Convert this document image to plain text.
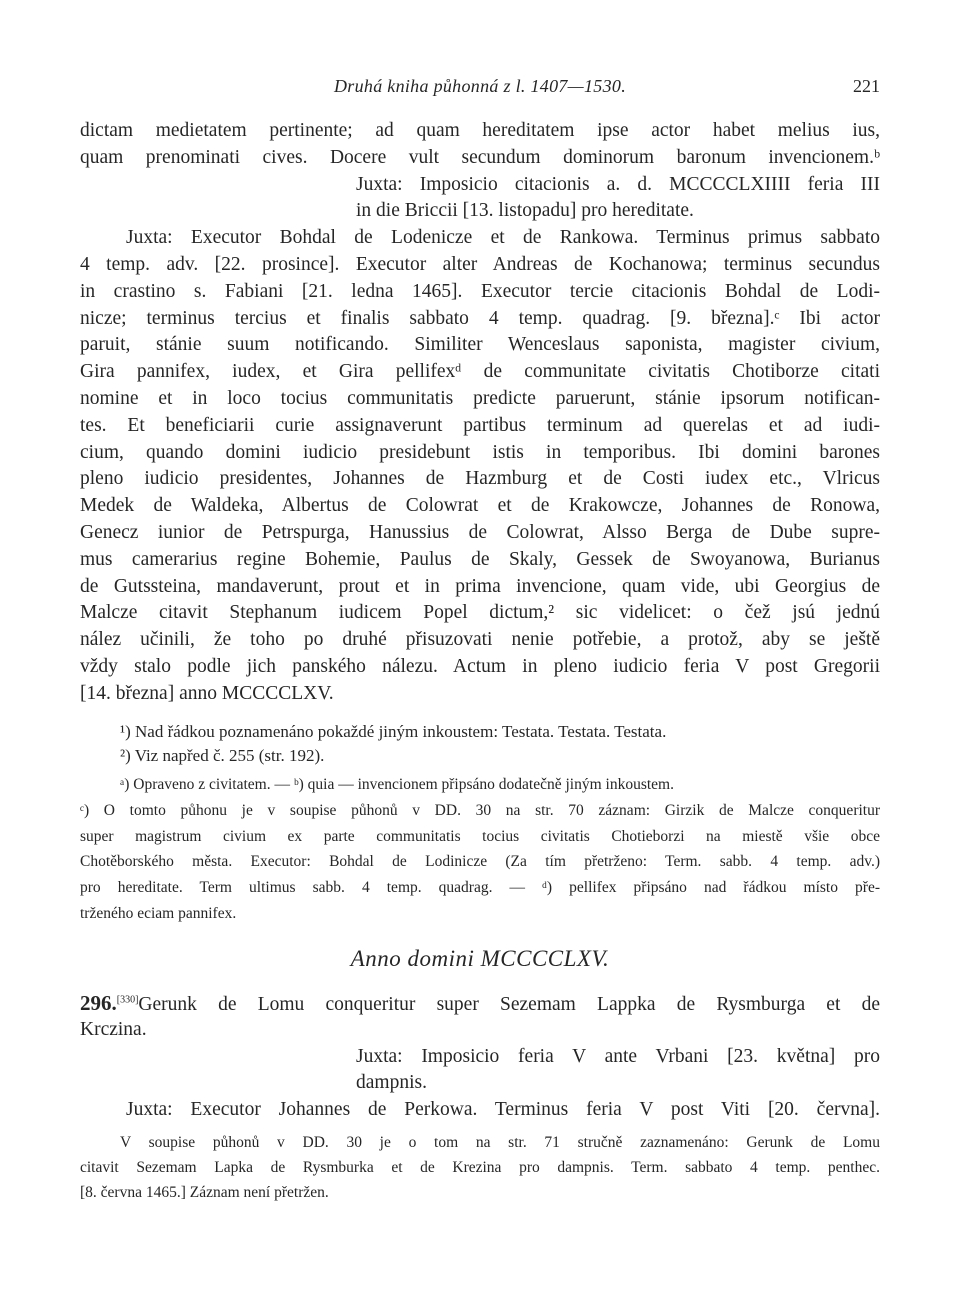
Druhá kniha půhonná z l. 1407—1530.	221
dictam medietatem pertinente; ad quam hereditatem ipse actor habet melius ius,
quam prenominati cives. Docere vult secundum dominorum baronum invencionem.ᵇ
Juxta: Imposicio citacionis a. d. MCCCCLXIIII feria III
in die Briccii [13. listopadu] pro hereditate.
Juxta: Executor Bohdal de Lodenicze et de Rankowa. Terminus primus sabbato
4 temp. adv. [22. prosince]. Executor alter Andreas de Kochanowa; terminus secundus
in crastino s. Fabiani [21. ledna 1465]. Executor tercie citacionis Bohdal de Lodi-
nicze; terminus tercius et finalis sabbato 4 temp. quadrag. [9. března].ᶜ Ibi actor
paruit, stánie suum notificando. Similiter Wenceslaus saponista, magister civium,
Gira pannifex, iudex, et Gira pellifexᵈ de communitate civitatis Chotiborze citati
nomine et in loco tocius communitatis predicte paruerunt, stánie ipsorum notifican-
tes. Et beneficiarii curie assignaverunt partibus terminum ad querelas et ad iudi-
cium, quando domini iudicio presidebunt istis in temporibus. Ibi domini barones
pleno iudicio presidentes, Johannes de Hazmburg et de Costi iudex etc., Vlricus
Medek de Waldeka, Albertus de Colowrat et de Krakowcze, Johannes de Ronowa,
Genecz iunior de Petrspurga, Hanussius de Colowrat, Alsso Berga de Dube supre-
mus camerarius regine Bohemie, Paulus de Skaly, Gessek de Swoyanowa, Burianus
de Gutssteina, mandaverunt, prout et in prima invencione, quam vide, ubi Georgius de
Malcze citavit Stephanum iudicem Popel dictum,² sic videlicet: o čež jsú jednú
nález učinili, že toho po druhé přisuzovati nenie potřebie, a protož, aby se ještě
vždy stalo podle jich panského nálezu. Actum in pleno iudicio feria V post Gregorii
[14. března] anno MCCCCLXV.
¹) Nad řádkou poznamenáno pokaždé jiným inkoustem: Testata. Testata. Testata.
²) Viz napřed č. 255 (str. 192).
ᵃ) Opraveno z civitatem. — ᵇ) quia — invencionem připsáno dodatečně jiným inkoustem.
ᶜ) O tomto půhonu je v soupise půhonů v DD. 30 na str. 70 záznam: Girzik de Malcze conqueritur
super magistrum civium ex parte communitatis tocius civitatis Chotieborzi na miestě všie obce
Chotěborského města. Executor: Bohdal de Lodinicze (Za tím přetrženo: Term. sabb. 4 temp. adv.)
pro hereditate. Term ultimus sabb. 4 temp. quadrag. — ᵈ) pellifex připsáno nad řádkou místo pře-
trženého eciam pannifex.
Anno domini MCCCCLXV.
296.[330]Gerunk de Lomu conqueritur super Sezemam Lappka de Rysmburga et de
Krczina.
Juxta: Imposicio feria V ante Vrbani [23. května] pro
dampnis.
Juxta: Executor Johannes de Perkowa. Terminus feria V post Viti [20. června].
V soupise půhonů v DD. 30 je o tom na str. 71 stručně zaznamenáno: Gerunk de Lomu
citavit Sezemam Lapka de Rysmburka et de Krezina pro dampnis. Term. sabbato 4 temp. penthec.
[8. června 1465.] Záznam není přetržen.
